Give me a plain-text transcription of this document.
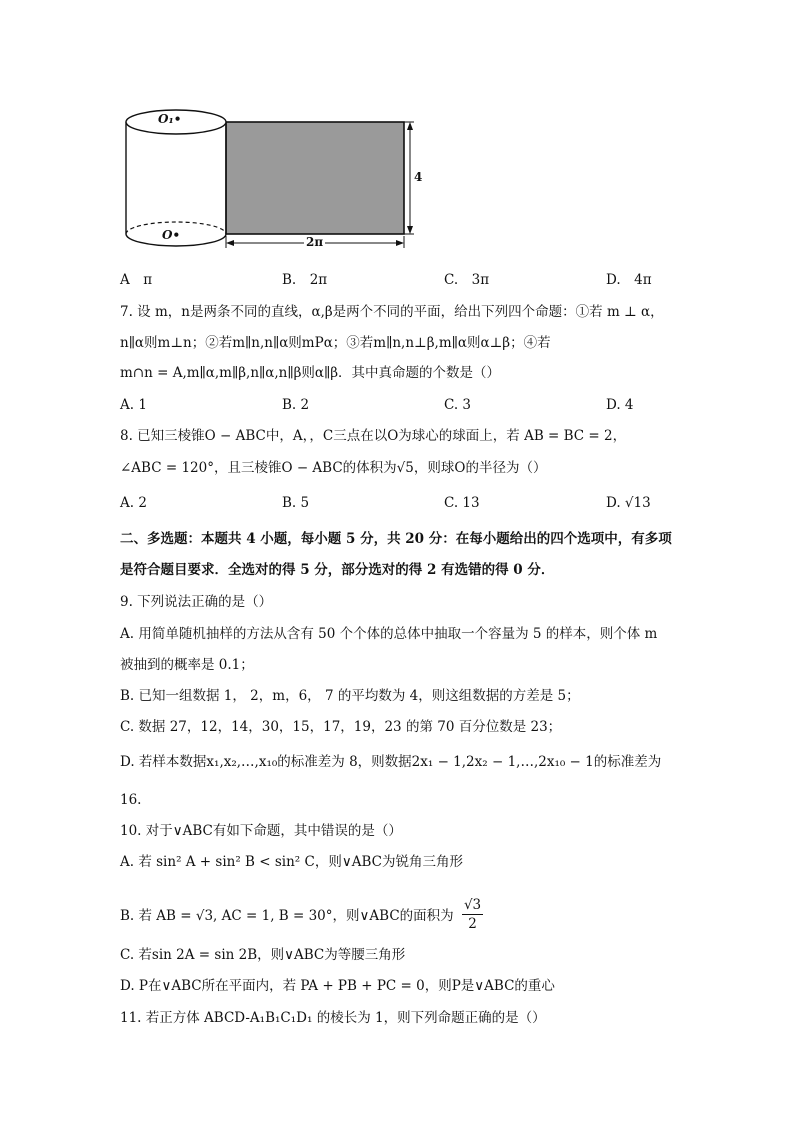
O₁•
O•
4
2π
A　π	B.　2π	C.　3π	D.　4π
7. 设 m，n是两条不同的直线，α,β是两个不同的平面，给出下列四个命题：①若 m ⊥ α，
n∥α则m⊥n；②若m∥n,n∥α则mPα；③若m∥n,n⊥β,m∥α则α⊥β；④若
m∩n = A,m∥α,m∥β,n∥α,n∥β则α∥β．其中真命题的个数是（）
A. 1	B. 2	C. 3	D. 4
8. 已知三棱锥O − ABC中，A，，C三点在以O为球心的球面上，若 AB = BC = 2，
∠ABC = 120°，且三棱锥O − ABC的体积为√5，则球O的半径为（）
A. 2	B. 5	C. 13	D. √13
二、多选题：本题共 4 小题，每小题 5 分，共 20 分：在每小题给出的四个选项中，有多项
是符合题目要求．全选对的得 5 分，部分选对的得 2 有选错的得 0 分．
9. 下列说法正确的是（）
A. 用简单随机抽样的方法从含有 50 个个体的总体中抽取一个容量为 5 的样本，则个体 m
被抽到的概率是 0.1；
B. 已知一组数据 1， 2，m，6， 7 的平均数为 4，则这组数据的方差是 5；
C. 数据 27，12，14，30，15，17，19，23 的第 70 百分位数是 23；
D. 若样本数据x₁,x₂,…,x₁₀的标准差为 8，则数据2x₁ − 1,2x₂ − 1,…,2x₁₀ − 1的标准差为
16.
10. 对于∨ABC有如下命题，其中错误的是（）
A. 若 sin² A + sin² B < sin² C，则∨ABC为锐角三角形
B. 若 AB = √3, AC = 1, B = 30°，则∨ABC的面积为 $\frac{√3}{2}$
C. 若sin 2A = sin 2B，则∨ABC为等腰三角形
D. P在∨ABC所在平面内，若 PA + PB + PC = 0，则P是∨ABC的重心
11. 若正方体 ABCD-A₁B₁C₁D₁ 的棱长为 1，则下列命题正确的是（）
